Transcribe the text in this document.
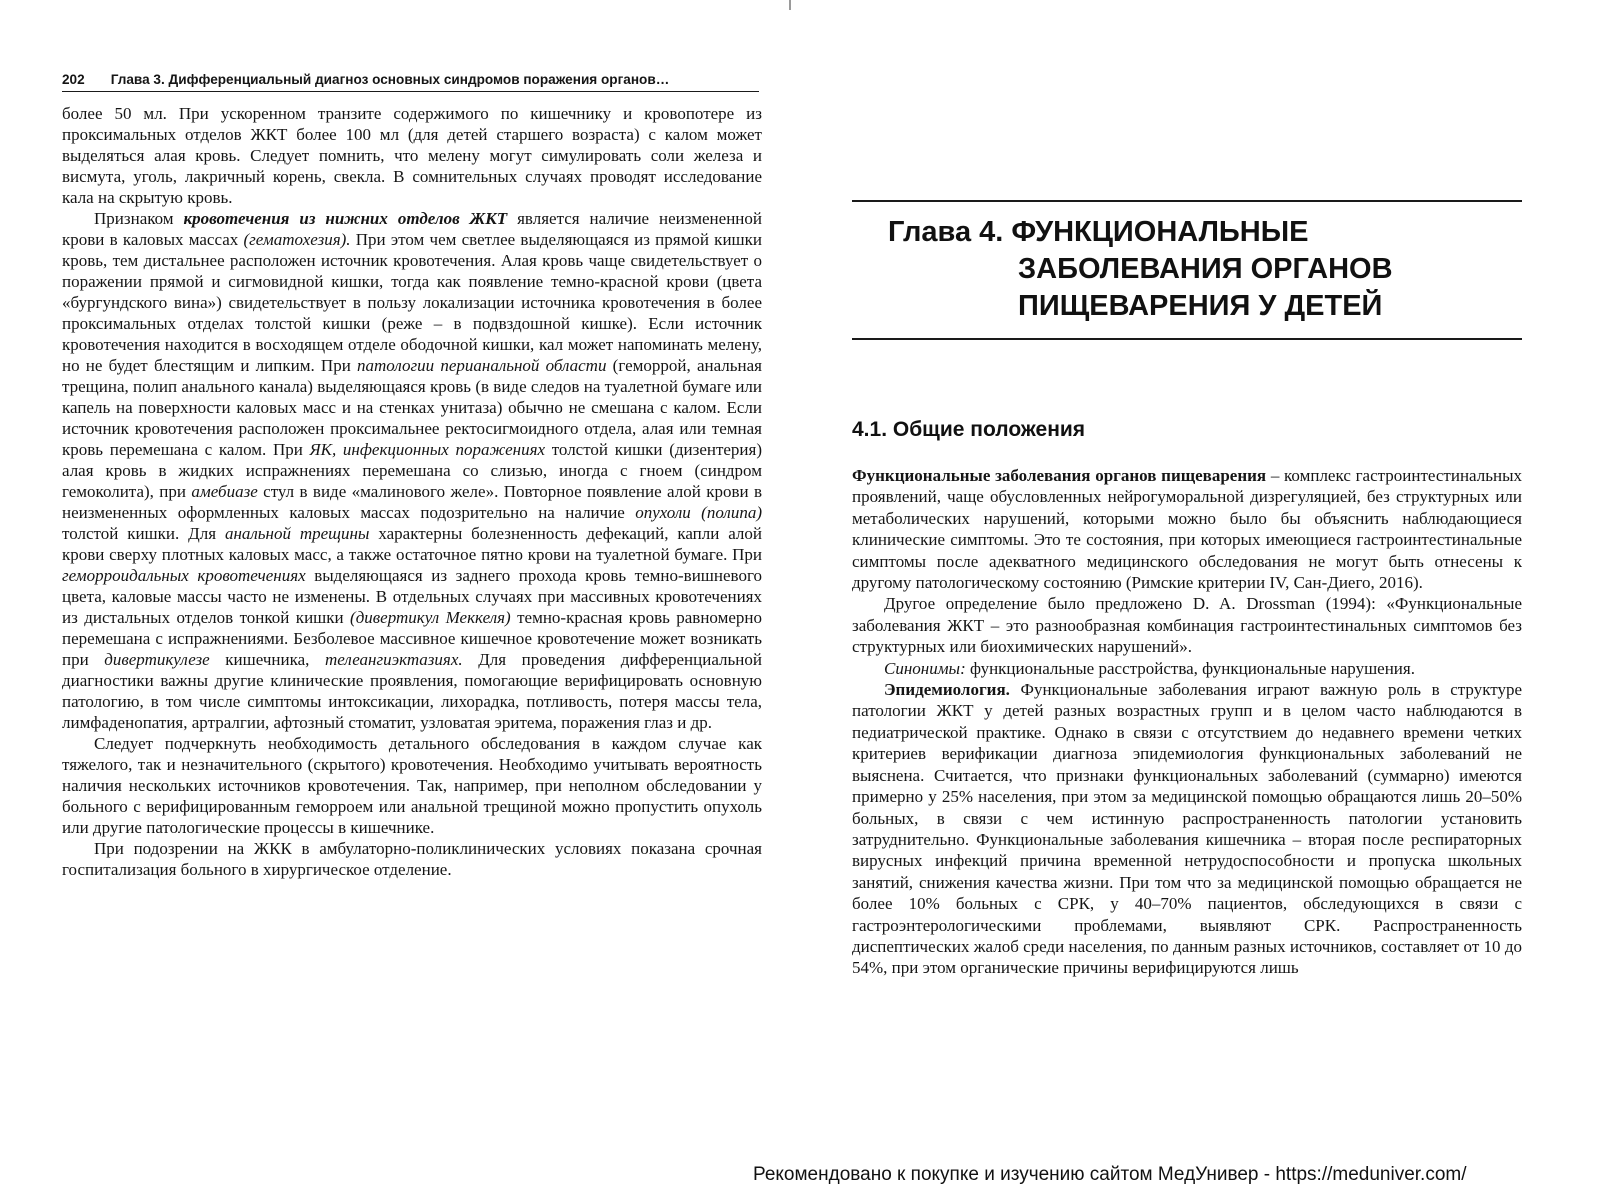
202 Глава 3. Дифференциальный диагноз основных синдромов поражения органов…

более 50 мл. При ускоренном транзите содержимого по кишечнику и кровопотере из проксимальных отделов ЖКТ более 100 мл (для детей старшего возраста) с калом может выделяться алая кровь. Следует помнить, что мелену могут симулировать соли железа и висмута, уголь, лакричный корень, свекла. В сомнительных случаях проводят исследование кала на скрытую кровь.

Признаком кровотечения из нижних отделов ЖКТ является наличие неизмененной крови в каловых массах (гематохезия). При этом чем светлее выделяющаяся из прямой кишки кровь, тем дистальнее расположен источник кровотечения. Алая кровь чаще свидетельствует о поражении прямой и сигмовидной кишки, тогда как появление темно-красной крови (цвета «бургундского вина») свидетельствует в пользу локализации источника кровотечения в более проксимальных отделах толстой кишки (реже – в подвздошной кишке). Если источник кровотечения находится в восходящем отделе ободочной кишки, кал может напоминать мелену, но не будет блестящим и липким. При патологии перианальной области (геморрой, анальная трещина, полип анального канала) выделяющаяся кровь (в виде следов на туалетной бумаге или капель на поверхности каловых масс и на стенках унитаза) обычно не смешана с калом. Если источник кровотечения расположен проксимальнее ректосигмоидного отдела, алая или темная кровь перемешана с калом. При ЯК, инфекционных поражениях толстой кишки (дизентерия) алая кровь в жидких испражнениях перемешана со слизью, иногда с гноем (синдром гемоколита), при амебиазе стул в виде «малинового желе». Повторное появление алой крови в неизмененных оформленных каловых массах подозрительно на наличие опухоли (полипа) толстой кишки. Для анальной трещины характерны болезненность дефекаций, капли алой крови сверху плотных каловых масс, а также остаточное пятно крови на туалетной бумаге. При геморроидальных кровотечениях выделяющаяся из заднего прохода кровь темно-вишневого цвета, каловые массы часто не изменены. В отдельных случаях при массивных кровотечениях из дистальных отделов тонкой кишки (дивертикул Меккеля) темно-красная кровь равномерно перемешана с испражнениями. Безболевое массивное кишечное кровотечение может возникать при дивертикулезе кишечника, телеангиэктазиях. Для проведения дифференциальной диагностики важны другие клинические проявления, помогающие верифицировать основную патологию, в том числе симптомы интоксикации, лихорадка, потливость, потеря массы тела, лимфаденопатия, артралгии, афтозный стоматит, узловатая эритема, поражения глаз и др.

Следует подчеркнуть необходимость детального обследования в каждом случае как тяжелого, так и незначительного (скрытого) кровотечения. Необходимо учитывать вероятность наличия нескольких источников кровотечения. Так, например, при неполном обследовании у больного с верифицированным геморроем или анальной трещиной можно пропустить опухоль или другие патологические процессы в кишечнике.

При подозрении на ЖКК в амбулаторно-поликлинических условиях показана срочная госпитализация больного в хирургическое отделение.

Глава 4. ФУНКЦИОНАЛЬНЫЕ
ЗАБОЛЕВАНИЯ ОРГАНОВ
ПИЩЕВАРЕНИЯ У ДЕТЕЙ
4.1. Общие положения

Функциональные заболевания органов пищеварения – комплекс гастроинтестинальных проявлений, чаще обусловленных нейрогуморальной дизрегуляцией, без структурных или метаболических нарушений, которыми можно было бы объяснить наблюдающиеся клинические симптомы. Это те состояния, при которых имеющиеся гастроинтестинальные симптомы после адекватного медицинского обследования не могут быть отнесены к другому патологическому состоянию (Римские критерии IV, Сан-Диего, 2016).

Другое определение было предложено D. A. Drossman (1994): «Функциональные заболевания ЖКТ – это разнообразная комбинация гастроинтестинальных симптомов без структурных или биохимических нарушений».

Синонимы: функциональные расстройства, функциональные нарушения.

Эпидемиология. Функциональные заболевания играют важную роль в структуре патологии ЖКТ у детей разных возрастных групп и в целом часто наблюдаются в педиатрической практике. Однако в связи с отсутствием до недавнего времени четких критериев верификации диагноза эпидемиология функциональных заболеваний не выяснена. Считается, что признаки функциональных заболеваний (суммарно) имеются примерно у 25% населения, при этом за медицинской помощью обращаются лишь 20–50% больных, в связи с чем истинную распространенность патологии установить затруднительно. Функциональные заболевания кишечника – вторая после респираторных вирусных инфекций причина временной нетрудоспособности и пропуска школьных занятий, снижения качества жизни. При том что за медицинской помощью обращается не более 10% больных с СРК, у 40–70% пациентов, обследующихся в связи с гастроэнтерологическими проблемами, выявляют СРК. Распространенность диспептических жалоб среди населения, по данным разных источников, составляет от 10 до 54%, при этом органические причины верифицируются лишь

Рекомендовано к покупке и изучению сайтом МедУнивер - https://meduniver.com/
